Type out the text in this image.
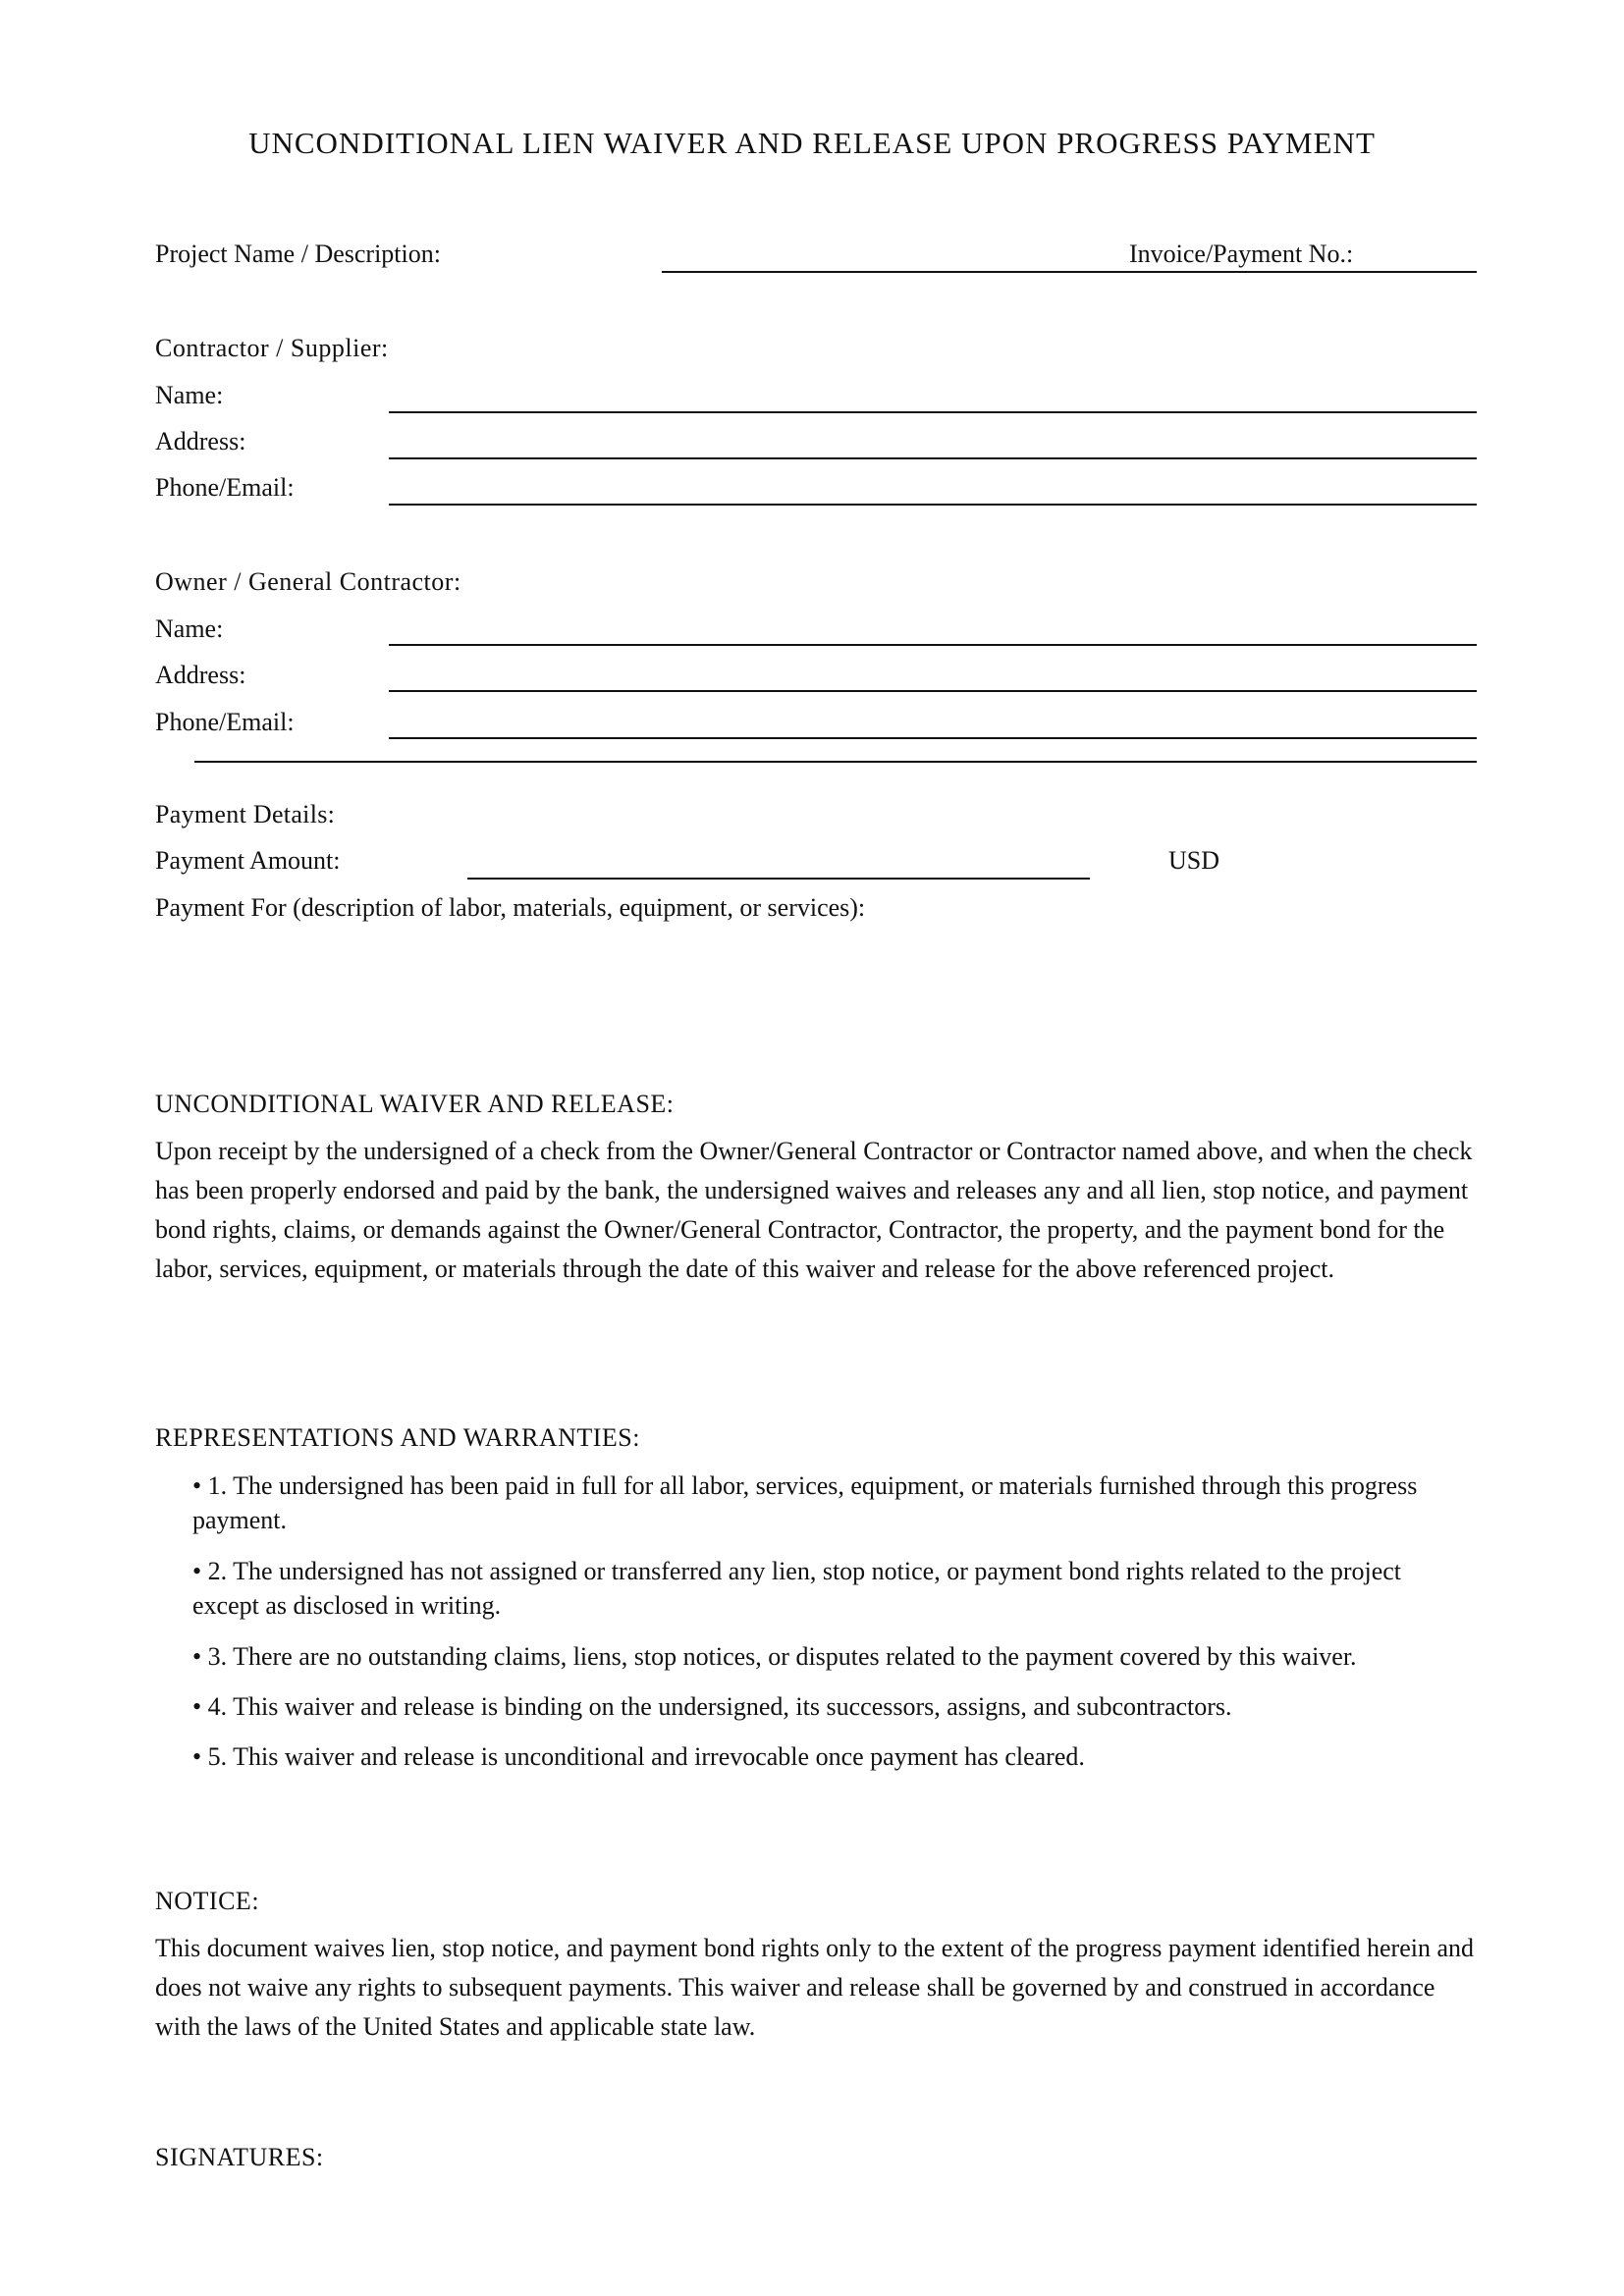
UNCONDITIONAL LIEN WAIVER AND RELEASE UPON PROGRESS PAYMENT
Project Name / Description:	Invoice/Payment No.:
Contractor / Supplier:
Name:
Address:
Phone/Email:
Owner / General Contractor:
Name:
Address:
Phone/Email:
Payment Details:
Payment Amount:	USD
Payment For (description of labor, materials, equipment, or services):
UNCONDITIONAL WAIVER AND RELEASE:
Upon receipt by the undersigned of a check from the Owner/General Contractor or Contractor named above, and when the check has been properly endorsed and paid by the bank, the undersigned waives and releases any and all lien, stop notice, and payment bond rights, claims, or demands against the Owner/General Contractor, Contractor, the property, and the payment bond for the labor, services, equipment, or materials through the date of this waiver and release for the above referenced project.
REPRESENTATIONS AND WARRANTIES:
• 1. The undersigned has been paid in full for all labor, services, equipment, or materials furnished through this progress payment.
• 2. The undersigned has not assigned or transferred any lien, stop notice, or payment bond rights related to the project except as disclosed in writing.
• 3. There are no outstanding claims, liens, stop notices, or disputes related to the payment covered by this waiver.
• 4. This waiver and release is binding on the undersigned, its successors, assigns, and subcontractors.
• 5. This waiver and release is unconditional and irrevocable once payment has cleared.
NOTICE:
This document waives lien, stop notice, and payment bond rights only to the extent of the progress payment identified herein and does not waive any rights to subsequent payments. This waiver and release shall be governed by and construed in accordance with the laws of the United States and applicable state law.
SIGNATURES:
